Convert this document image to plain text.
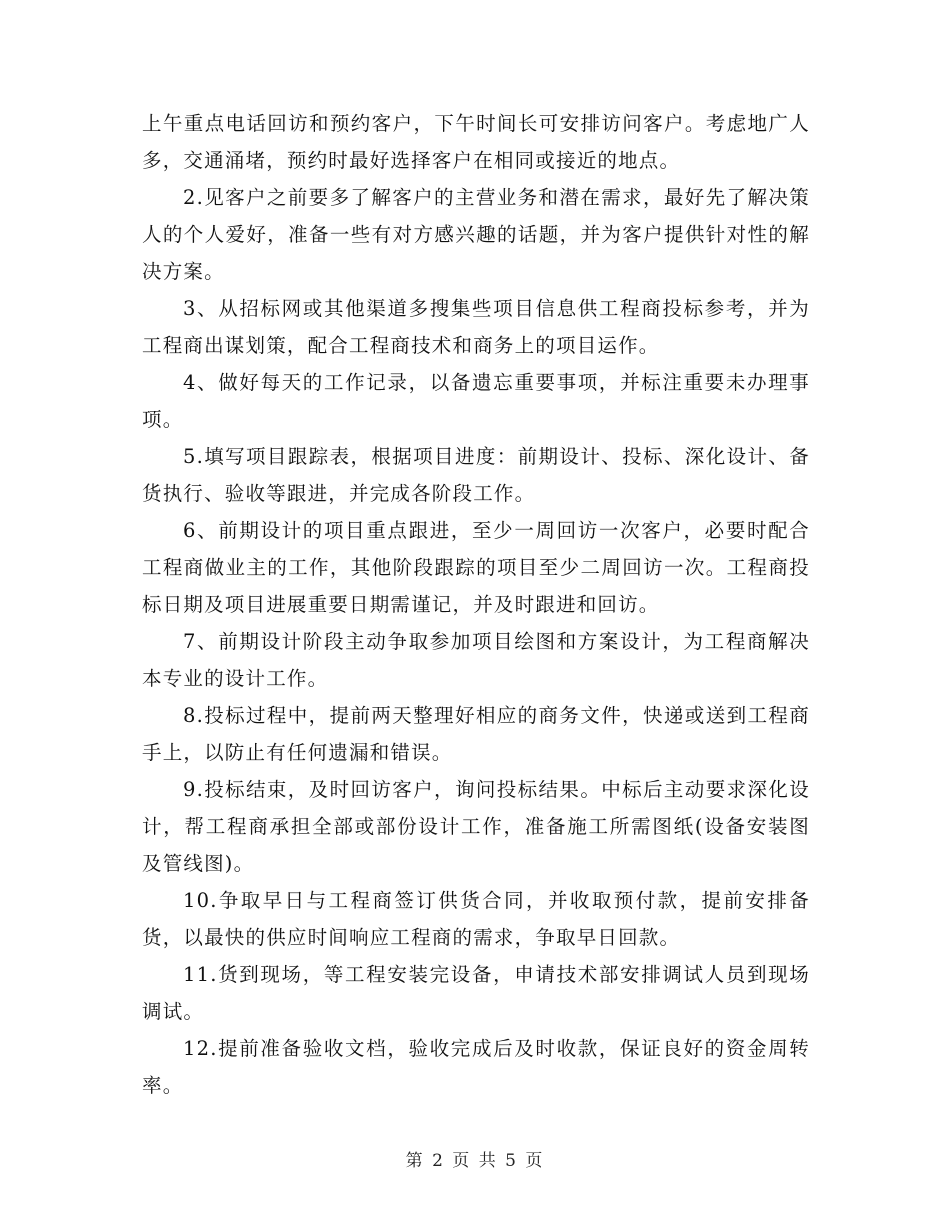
上午重点电话回访和预约客户，下午时间长可安排访问客户。考虑地广人多，交通涌堵，预约时最好选择客户在相同或接近的地点。

2.见客户之前要多了解客户的主营业务和潜在需求，最好先了解决策人的个人爱好，准备一些有对方感兴趣的话题，并为客户提供针对性的解决方案。

3、从招标网或其他渠道多搜集些项目信息供工程商投标参考，并为工程商出谋划策，配合工程商技术和商务上的项目运作。

4、做好每天的工作记录，以备遗忘重要事项，并标注重要未办理事项。

5.填写项目跟踪表，根据项目进度：前期设计、投标、深化设计、备货执行、验收等跟进，并完成各阶段工作。

6、前期设计的项目重点跟进，至少一周回访一次客户，必要时配合工程商做业主的工作，其他阶段跟踪的项目至少二周回访一次。工程商投标日期及项目进展重要日期需谨记，并及时跟进和回访。

7、前期设计阶段主动争取参加项目绘图和方案设计，为工程商解决本专业的设计工作。

8.投标过程中，提前两天整理好相应的商务文件，快递或送到工程商手上，以防止有任何遗漏和错误。

9.投标结束，及时回访客户，询问投标结果。中标后主动要求深化设计，帮工程商承担全部或部份设计工作，准备施工所需图纸(设备安装图及管线图)。

10.争取早日与工程商签订供货合同，并收取预付款，提前安排备货，以最快的供应时间响应工程商的需求，争取早日回款。

11.货到现场，等工程安装完设备，申请技术部安排调试人员到现场调试。

12.提前准备验收文档，验收完成后及时收款，保证良好的资金周转率。

第 2 页 共 5 页
